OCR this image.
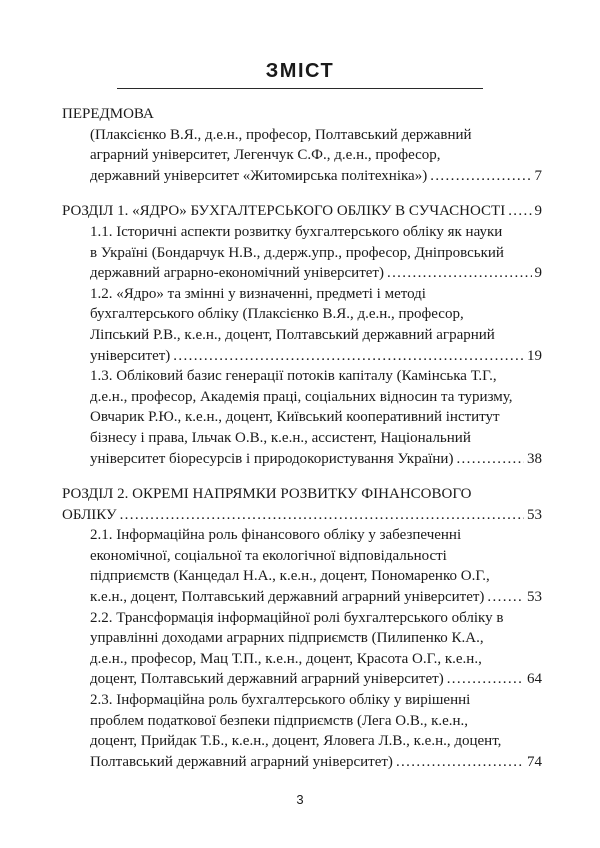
ЗМІСТ
ПЕРЕДМОВА
(Плаксієнко В.Я., д.е.н., професор, Полтавський державний
аграрний університет, Легенчук С.Ф., д.е.н., професор,
державний університет «Житомирська політехніка») . . .	7
РОЗДІЛ 1. «ЯДРО» БУХГАЛТЕРСЬКОГО ОБЛІКУ В СУЧАСНОСТІ . . . 9
1.1. Історичні аспекти розвитку бухгалтерського обліку як науки
в Україні (Бондарчук Н.В., д.держ.упр., професор, Дніпровський
державний аграрно-економічний університет) . . .	9
1.2. «Ядро» та змінні у визначенні, предметі і методі
бухгалтерського обліку (Плаксієнко В.Я., д.е.н., професор,
Ліпський Р.В., к.е.н., доцент, Полтавський державний аграрний
університет) . . .	19
1.3. Обліковий базис генерації потоків капіталу (Камінська Т.Г.,
д.е.н., професор, Академія праці, соціальних відносин та туризму,
Овчарик Р.Ю., к.е.н., доцент, Київський кооперативний інститут
бізнесу і права, Ільчак О.В., к.е.н., ассистент, Національний
університет біоресурсів і природокористування України) . . .	38
РОЗДІЛ 2. ОКРЕМІ НАПРЯМКИ РОЗВИТКУ ФІНАНСОВОГО
ОБЛІКУ . . .	53
2.1. Інформаційна роль фінансового обліку у забезпеченні
економічної, соціальної та екологічної відповідальності
підприємств (Канцедал Н.А., к.е.н., доцент, Пономаренко О.Г.,
к.е.н., доцент, Полтавський державний аграрний університет) . . .	53
2.2. Трансформація інформаційної ролі бухгалтерського обліку в
управлінні доходами аграрних підприємств (Пилипенко К.А.,
д.е.н., професор, Мац Т.П., к.е.н., доцент, Красота О.Г., к.е.н.,
доцент, Полтавський державний аграрний університет) . . .	64
2.3. Інформаційна роль бухгалтерського обліку у вирішенні
проблем податкової безпеки підприємств (Лега О.В., к.е.н.,
доцент, Прийдак Т.Б., к.е.н., доцент, Яловега Л.В., к.е.н., доцент,
Полтавський державний аграрний університет) . . .	74
3
